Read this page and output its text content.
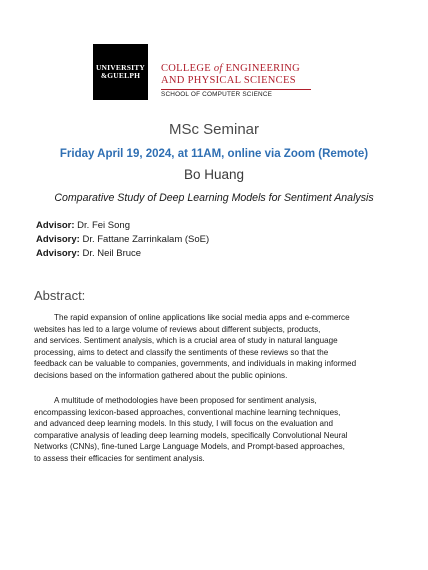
UNIVERSITY
&GUELPH
COLLEGE of ENGINEERING
AND PHYSICAL SCIENCES
SCHOOL OF COMPUTER SCIENCE
MSc Seminar
Friday April 19, 2024, at 11AM, online via Zoom (Remote)
Bo Huang
Comparative Study of Deep Learning Models for Sentiment Analysis
Advisor: Dr. Fei Song
Advisory: Dr. Fattane Zarrinkalam (SoE)
Advisory: Dr. Neil Bruce
Abstract:
The rapid expansion of online applications like social media apps and e-commerce
websites has led to a large volume of reviews about different subjects, products,
and services. Sentiment analysis, which is a crucial area of study in natural language
processing, aims to detect and classify the sentiments of these reviews so that the
feedback can be valuable to companies, governments, and individuals in making informed
decisions based on the information gathered about the public opinions.
A multitude of methodologies have been proposed for sentiment analysis,
encompassing lexicon-based approaches, conventional machine learning techniques,
and advanced deep learning models. In this study, I will focus on the evaluation and
comparative analysis of leading deep learning models, specifically Convolutional Neural
Networks (CNNs), fine-tuned Large Language Models, and Prompt-based approaches,
to assess their efficacies for sentiment analysis.
